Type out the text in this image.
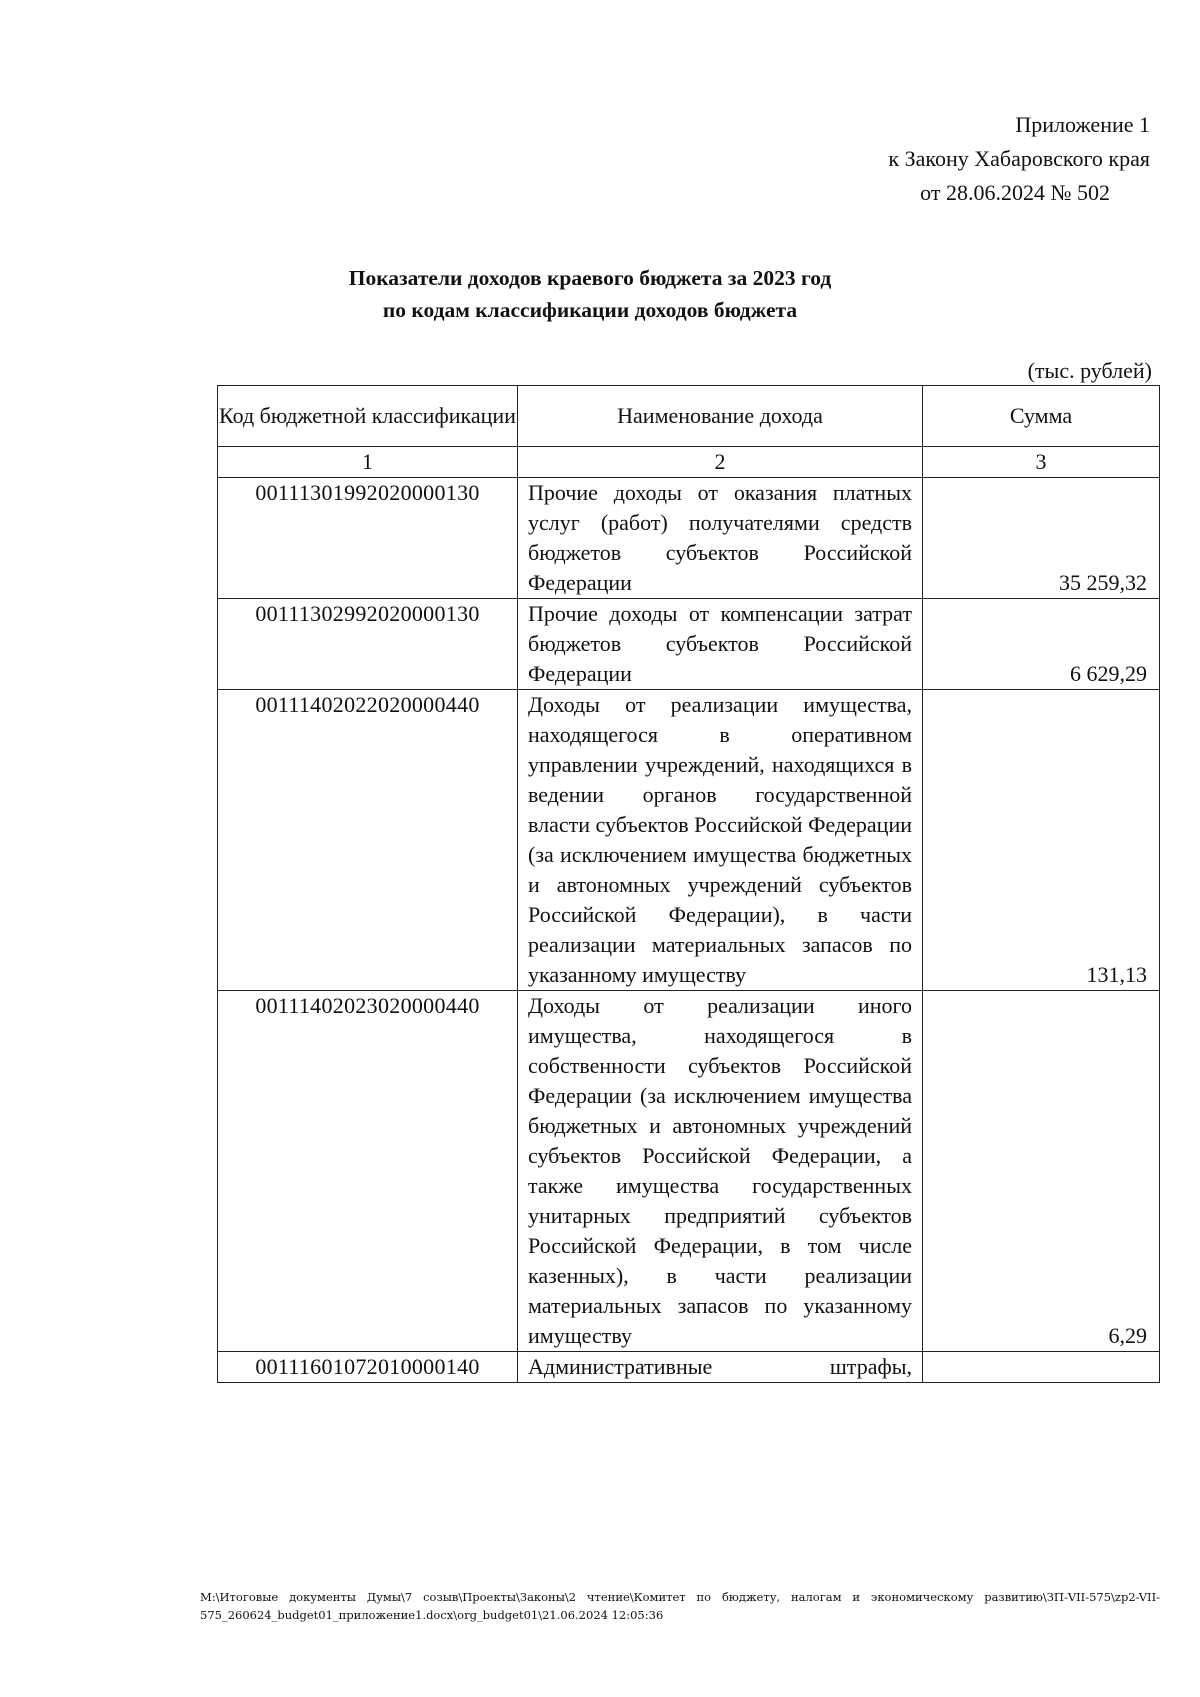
Приложение 1
к Закону Хабаровского края
от 28.06.2024 № 502
Показатели доходов краевого бюджета за 2023 год
по кодам классификации доходов бюджета
(тыс. рублей)
Код бюджетной классификации	Наименование дохода	Сумма
1	2	3
00111301992020000130	Прочие доходы от оказания платных услуг (работ) получателями средств бюджетов субъектов Российской Федерации	35 259,32
00111302992020000130	Прочие доходы от компенсации затрат бюджетов субъектов Российской Федерации	6 629,29
00111402022020000440	Доходы от реализации имущества, находящегося в оперативном управлении учреждений, находящихся в ведении органов государственной власти субъектов Российской Федерации (за исключением имущества бюджетных и автономных учреждений субъектов Российской Федерации), в части реализации материальных запасов по указанному имуществу	131,13
00111402023020000440	Доходы от реализации иного имущества, находящегося в собственности субъектов Российской Федерации (за исключением имущества бюджетных и автономных учреждений субъектов Российской Федерации, а также имущества государственных унитарных предприятий субъектов Российской Федерации, в том числе казенных), в части реализации материальных запасов по указанному имуществу	6,29
00111601072010000140	Административные штрафы,	
М:\Итоговые документы Думы\7 созыв\Проекты\Законы\2 чтение\Комитет по бюджету, налогам и экономическому развитию\ЗП-VII-575\zp2-VII-575_260624_budget01_приложение1.docx\org_budget01\21.06.2024 12:05:36
